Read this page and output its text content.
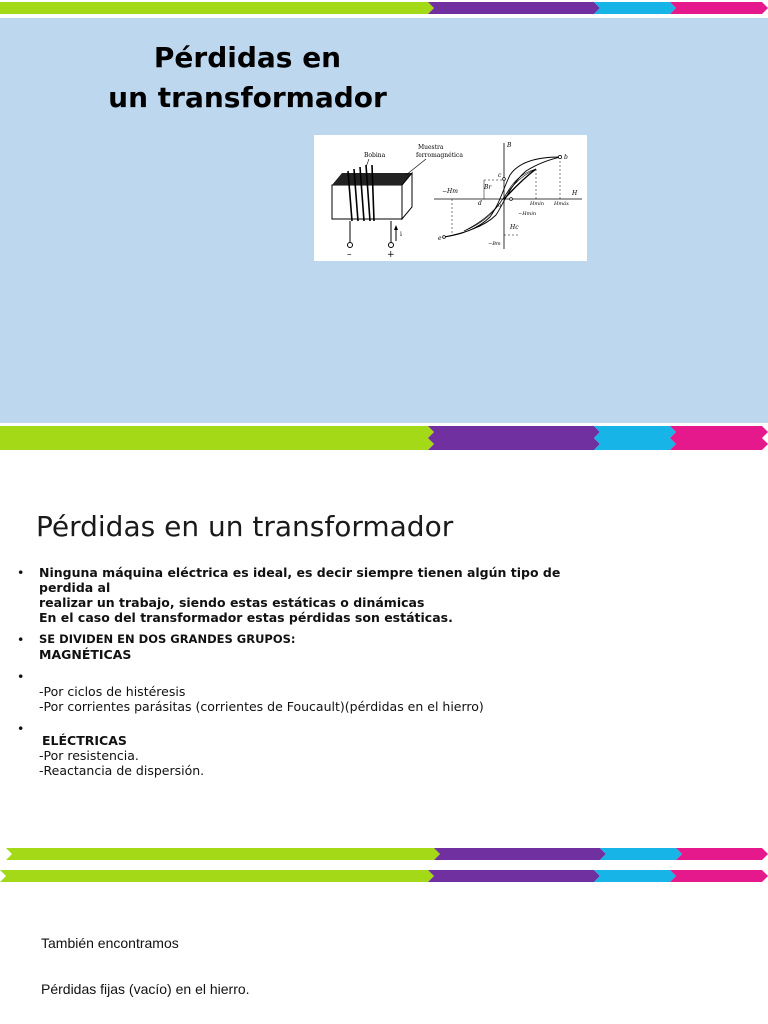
Pérdidas en
un transformador
–	+
i
Bobina
Muestra
ferromagnética
B
H
b
c
d
e
0
−Hm
Br
Hmín Hmáx
Hc
−Hmín
−Bm
Pérdidas en un transformador
• Ninguna máquina eléctrica es ideal, es decir siempre tienen algún tipo de perdida al
realizar un trabajo, siendo estas estáticas o dinámicas
En el caso del transformador estas pérdidas son estáticas.
• SE DIVIDEN EN DOS GRANDES GRUPOS:
MAGNÉTICAS
•
-Por ciclos de histéresis
-Por corrientes parásitas (corrientes de Foucault)(pérdidas en el hierro)
•
ELÉCTRICAS
-Por resistencia.
-Reactancia de dispersión.
También encontramos
Pérdidas fijas (vacío) en el hierro.
